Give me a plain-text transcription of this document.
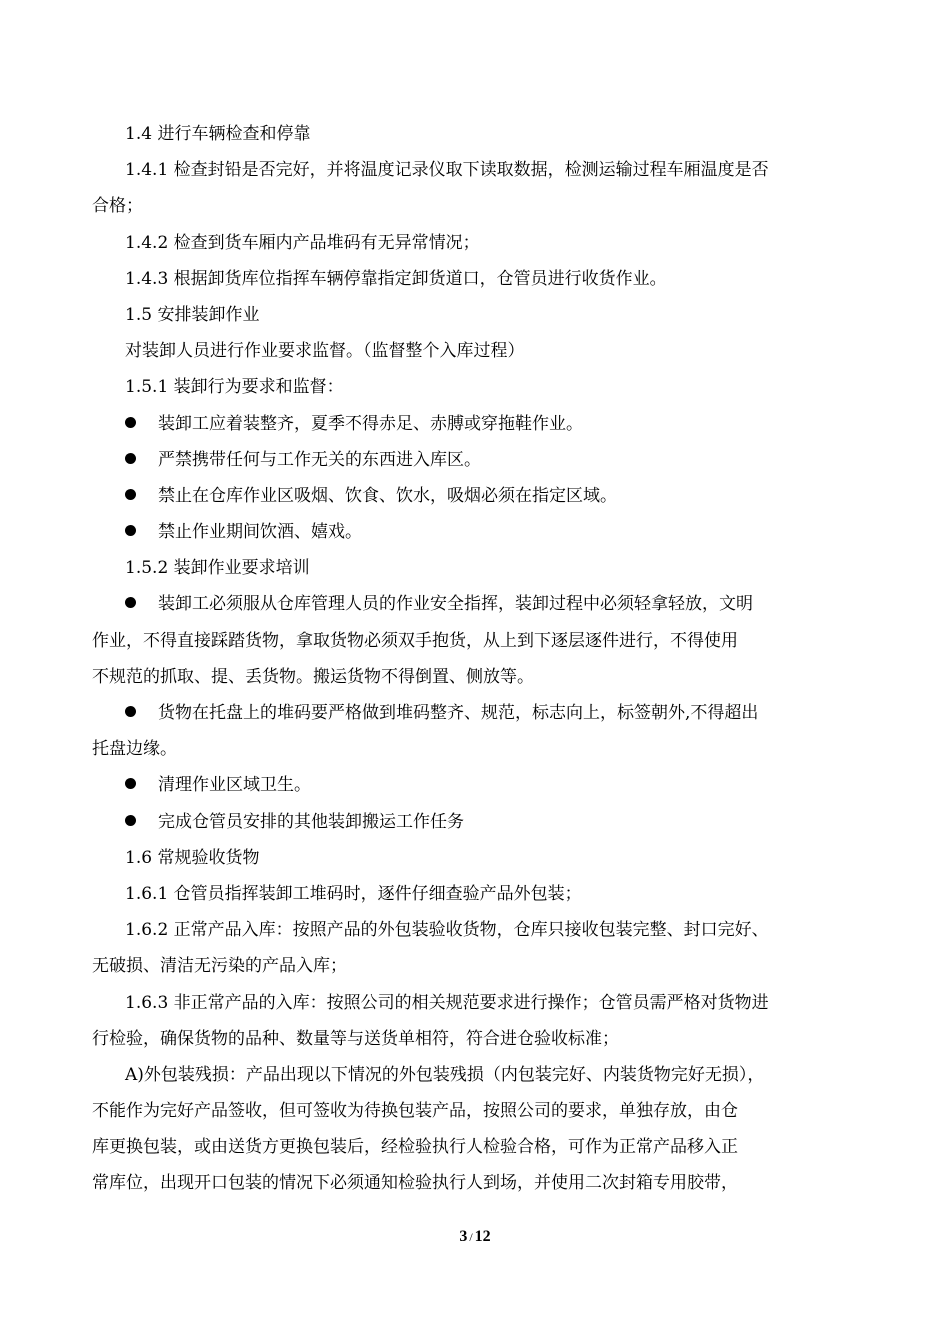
1.4 进行车辆检查和停靠
1.4.1 检查封铅是否完好，并将温度记录仪取下读取数据，检测运输过程车厢温度是否
合格；
1.4.2 检查到货车厢内产品堆码有无异常情况；
1.4.3 根据卸货库位指挥车辆停靠指定卸货道口，仓管员进行收货作业。
1.5 安排装卸作业
对装卸人员进行作业要求监督。（监督整个入库过程）
1.5.1 装卸行为要求和监督：
装卸工应着装整齐，夏季不得赤足、赤膊或穿拖鞋作业。
严禁携带任何与工作无关的东西进入库区。
禁止在仓库作业区吸烟、饮食、饮水，吸烟必须在指定区域。
禁止作业期间饮酒、嬉戏。
1.5.2 装卸作业要求培训
装卸工必须服从仓库管理人员的作业安全指挥，装卸过程中必须轻拿轻放，文明
作业，不得直接踩踏货物，拿取货物必须双手抱货，从上到下逐层逐件进行，不得使用
不规范的抓取、提、丢货物。搬运货物不得倒置、侧放等。
货物在托盘上的堆码要严格做到堆码整齐、规范，标志向上，标签朝外,不得超出
托盘边缘。
清理作业区域卫生。
完成仓管员安排的其他装卸搬运工作任务
1.6 常规验收货物
1.6.1 仓管员指挥装卸工堆码时，逐件仔细查验产品外包装；
1.6.2 正常产品入库：按照产品的外包装验收货物，仓库只接收包装完整、封口完好、
无破损、清洁无污染的产品入库；
1.6.3 非正常产品的入库：按照公司的相关规范要求进行操作；仓管员需严格对货物进
行检验，确保货物的品种、数量等与送货单相符，符合进仓验收标准；
A)外包装残损：产品出现以下情况的外包装残损（内包装完好、内装货物完好无损），
不能作为完好产品签收，但可签收为待换包装产品，按照公司的要求，单独存放，由仓
库更换包装，或由送货方更换包装后，经检验执行人检验合格，可作为正常产品移入正
常库位，出现开口包装的情况下必须通知检验执行人到场，并使用二次封箱专用胶带，
3 / 12
